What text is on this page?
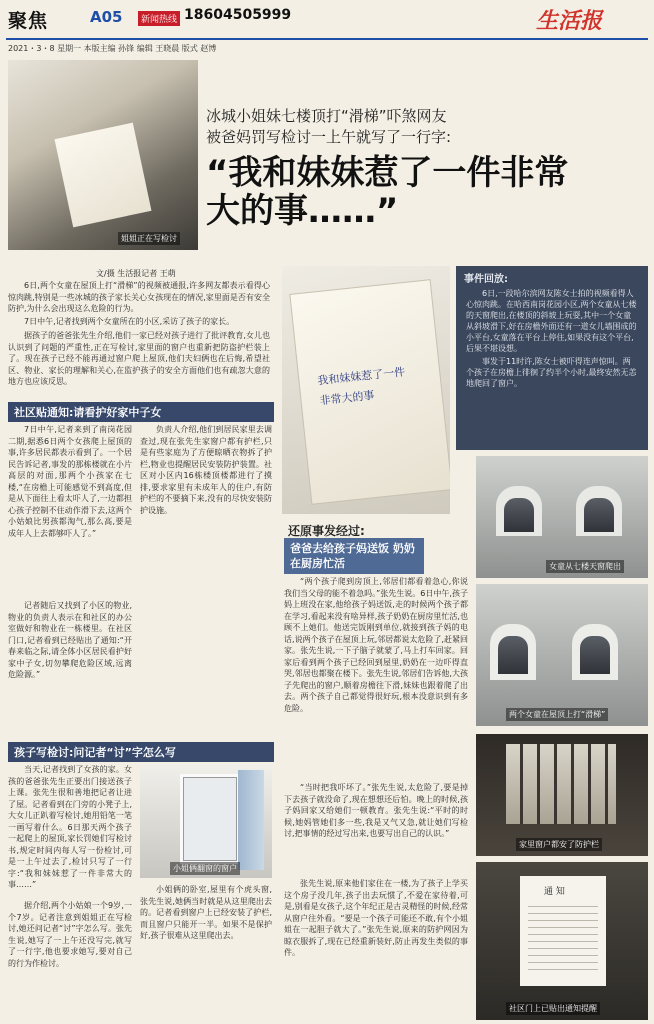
聚焦	A05	新闻热线 18604505999	生活报
2021・3・8 星期一 本版主编 孙锋 编辑 王晓晨 版式 赵博
姐姐正在写检讨
冰城小姐妹七楼顶打“滑梯”吓煞网友
被爸妈罚写检讨一上午就写了一行字:
“我和妹妹惹了一件非常大的事……”
文/摄 生活报记者 王萌
6日,两个女童在屋顶上打“滑梯”的视频被通报,许多网友都表示看得心惊肉跳,特别是一些冰城的孩子家长关心女孩现在的情况,家里面是否有安全防护,为什么会出现这么危险的行为。
7日中午,记者找到两个女童所在的小区,采访了孩子的家长。
据孩子的爸爸张先生介绍,他们一家已经对孩子进行了批评教育,女儿也认识到了问题的严重性,正在写检讨,家里面的窗户也重新把防盗护栏装上了。现在孩子已经不能再通过窗户爬上屋顶,他们夫妇俩也在后悔,希望社区、物业、家长的理解和关心,在监护孩子的安全方面他们也有疏忽大意的地方也应该反思。	我和妹妹惹了一件
非常大的事
事件回放:
6日,一段哈尔滨网友陈女士拍的视频看得人心惊肉跳。在哈西南岗花园小区,两个女童从七楼的天窗爬出,在楼顶的斜坡上玩耍,其中一个女童从斜坡滑下,好在房檐外面还有一道女儿墙围成的小平台,女童落在平台上停住,如果没有这个平台,后果不堪设想。
事发于11时许,陈女士被吓得连声惊叫。两个孩子在房檐上徘徊了约半个小时,最终安然无恙地爬回了窗户。
社区贴通知:请看护好家中子女
7日中午,记者来到了南岗花园二期,据悉6日两个女孩爬上屋顶的事,许多居民都表示看到了。一个居民告诉记者,事发的那栋楼就在小片高层的对面,那两个小孩家在七楼,“在房檐上可能感觉不到高度,但是从下面往上看太吓人了,一边都担心孩子控制不住动作滑下去,这两个小姑娘比男孩都淘气,那么高,要是成年人上去都够吓人了。”
记者随后又找到了小区的物业,物业的负责人表示在和社区的办公室做好和物业在一栋楼里。在社区门口,记者看到已经贴出了通知:“开春来临之际,请全体小区居民看护好家中子女,切勿攀爬危险区域,远离危险源。”
负责人介绍,他们到居民家里去调查过,现在张先生家窗户都有护栏,只是有些家庭为了方便晾晒衣物拆了护栏,物业也提醒居民安装防护装置。社区对小区内16栋楼顶楼都进行了摸排,要求家里有未成年人的住户,有防护栏的不要摘下来,没有的尽快安装防护设施。
孩子写检讨:问记者“讨”字怎么写
当天,记者找到了女孩的家。女孩的爸爸张先生正要出门接送孩子上课。张先生很和善地把记者让进了屋。记者看到在门旁的小凳子上,大女儿正趴着写检讨,她用铅笔一笔一画写着什么。6日那天两个孩子一起爬上的屋顶,家长罚她们写检讨书,规定时间内每人写一份检讨,可是一上午过去了,检讨只写了一行字:“我和妹妹惹了一件非常大的事……”
据介绍,两个小姑娘一个9岁,一个7岁。记者注意到姐姐正在写检讨,她还问记者“讨”字怎么写。张先生说,她写了一上午还没写完,就写了一行字,他也要求她写,要对自己的行为作检讨。
小姐俩翻窗的窗户
小姐俩的卧室,屋里有个虎头窗,张先生说,她俩当时就是从这里爬出去的。记者看到窗户上已经安装了护栏,而且窗户只能开一半。如果不是保护好,孩子很难从这里爬出去。
还原事发经过:
爸爸去给孩子妈送饭 奶奶在厨房忙活
“两个孩子爬到房顶上,邻居们都看着急心,你说我们当父母的能不着急吗。”张先生说。6日中午,孩子妈上班没在家,他给孩子妈送饭,走的时候两个孩子都在学习,看起来没有啥异样,孩子奶奶在厨房里忙活,也顾不上她们。他送完饭刚到单位,就接到孩子妈的电话,说两个孩子在屋顶上玩,邻居都说太危险了,赶紧回家。张先生说,一下子脑子就蒙了,马上打车回家。回家后看到两个孩子已经回到屋里,奶奶在一边吓得直哭,邻居也都聚在楼下。张先生说,邻居们告诉他,大孩子先爬出的窗户,顺着房檐往下滑,妹妹也跟着爬了出去。两个孩子自己都觉得很好玩,根本没意识到有多危险。
“当时把我吓坏了。”张先生说,太危险了,要是掉下去孩子就没命了,现在想想还后怕。晚上的时候,孩子妈回家又给她们一顿教育。张先生说:“平时的时候,她妈管她们多一些,我是又气又急,就让她们写检讨,把事情的经过写出来,也要写出自己的认识。”
张先生说,原来他们家住在一楼,为了孩子上学买这个房子没几年,孩子出去玩惯了,不爱在家待着,可是,别看是女孩子,这个年纪正是古灵精怪的时候,经常从窗户往外看。“要是一个孩子可能还不敢,有个小姐姐在一起胆子就大了。”张先生说,原来的防护网因为晾衣服拆了,现在已经重新装好,防止再发生类似的事件。
女童从七楼天窗爬出
两个女童在屋顶上打“滑梯”
家里窗户都安了防护栏
通 知
社区门上已贴出通知提醒
